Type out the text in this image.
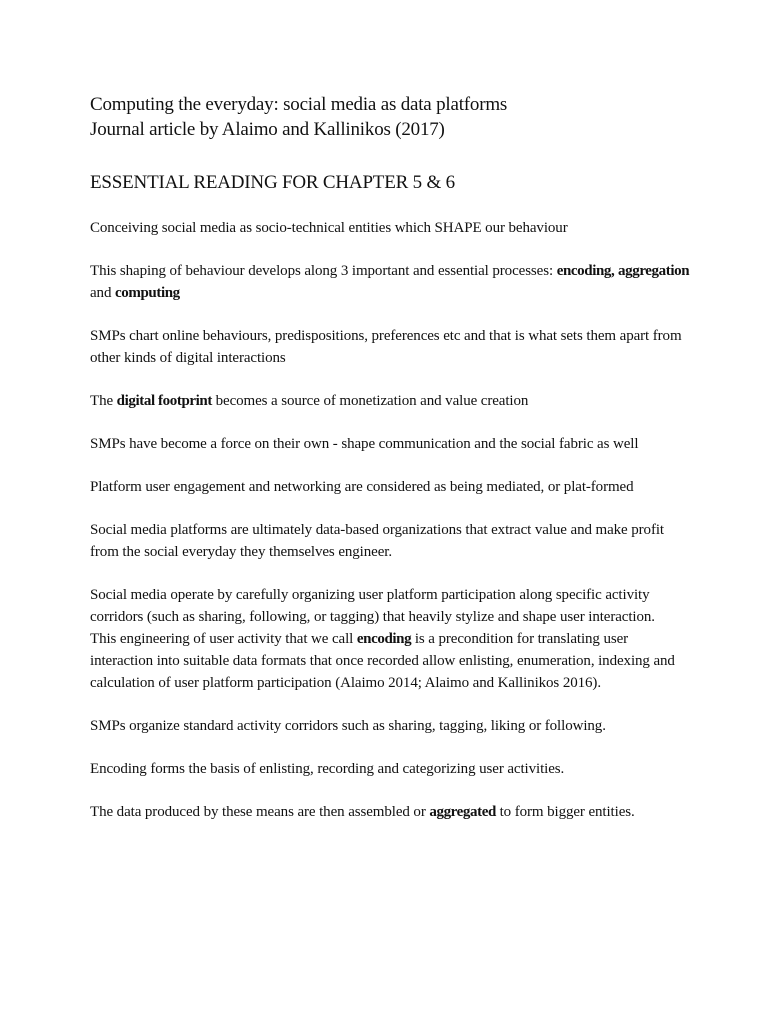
Computing the everyday: social media as data platforms
Journal article by Alaimo and Kallinikos (2017)
ESSENTIAL READING FOR CHAPTER 5 & 6

Conceiving social media as socio-technical entities which SHAPE our behaviour

This shaping of behaviour develops along 3 important and essential processes: encoding, aggregation and computing

SMPs chart online behaviours, predispositions, preferences etc and that is what sets them apart from other kinds of digital interactions

The digital footprint becomes a source of monetization and value creation

SMPs have become a force on their own - shape communication and the social fabric as well

Platform user engagement and networking are considered as being mediated, or plat-formed

Social media platforms are ultimately data-based organizations that extract value and make profit from the social everyday they themselves engineer.

Social media operate by carefully organizing user platform participation along specific activity corridors (such as sharing, following, or tagging) that heavily stylize and shape user interaction.

This engineering of user activity that we call encoding is a precondition for translating user interaction into suitable data formats that once recorded allow enlisting, enumeration, indexing and calculation of user platform participation (Alaimo 2014; Alaimo and Kallinikos 2016).

SMPs organize standard activity corridors such as sharing, tagging, liking or following.

Encoding forms the basis of enlisting, recording and categorizing user activities.

The data produced by these means are then assembled or aggregated to form bigger entities.
